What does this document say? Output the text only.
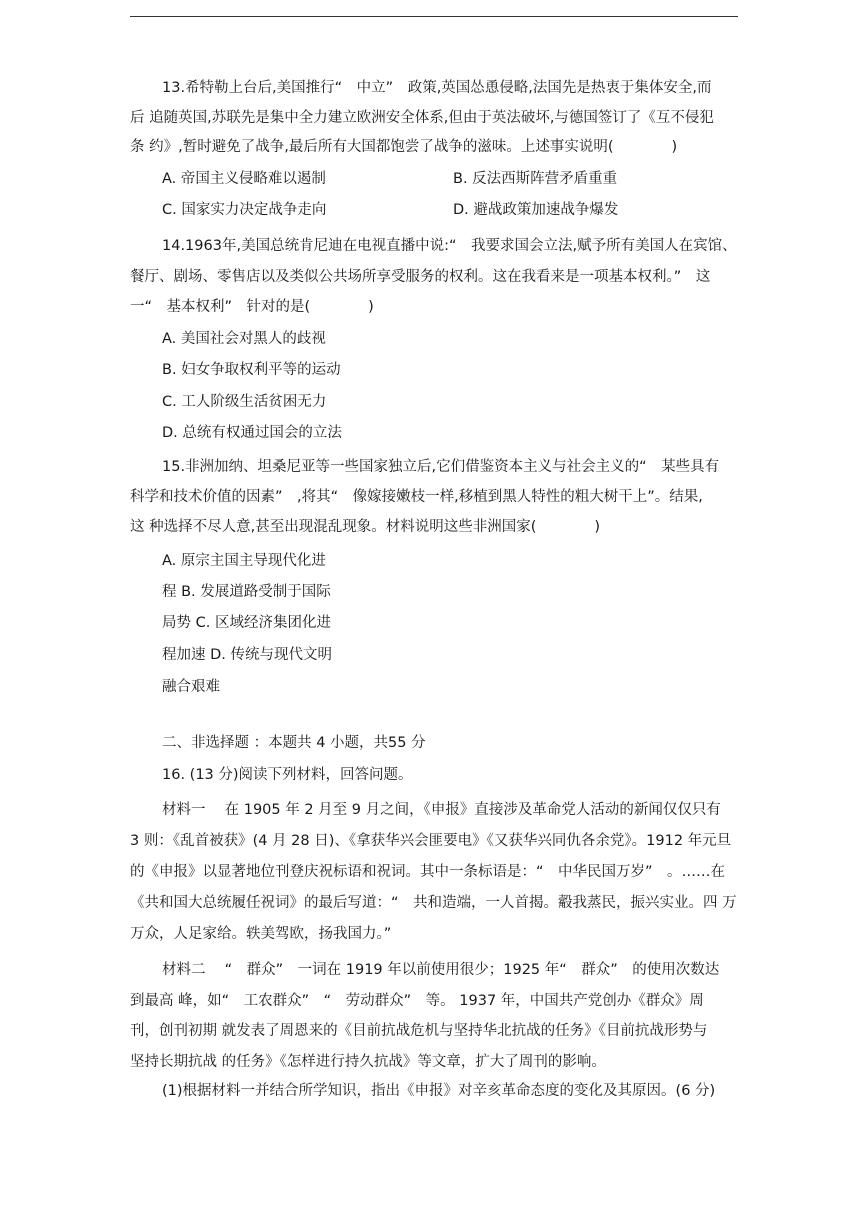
13.希特勒上台后,美国推行“　中立”　政策,英国怂恿侵略,法国先是热衷于集体安全,而
后 追随英国,苏联先是集中全力建立欧洲安全体系,但由于英法破坏,与德国签订了《互不侵犯
条 约》,暂时避免了战争,最后所有大国都饱尝了战争的滋味。上述事实说明(　　　　)
A. 帝国主义侵略难以遏制	B. 反法西斯阵营矛盾重重
C. 国家实力决定战争走向	D. 避战政策加速战争爆发
14.1963年,美国总统肯尼迪在电视直播中说:“　我要求国会立法,赋予所有美国人在宾馆、
餐厅、剧场、零售店以及类似公共场所享受服务的权利。这在我看来是一项基本权利。”　这
一“　基本权利”　针对的是(　　　　)
A. 美国社会对黑人的歧视
B. 妇女争取权利平等的运动
C. 工人阶级生活贫困无力
D. 总统有权通过国会的立法
15.非洲加纳、坦桑尼亚等一些国家独立后,它们借鉴资本主义与社会主义的“　某些具有
科学和技术价值的因素”　,将其“　像嫁接嫩枝一样,移植到黑人特性的粗大树干上”。结果,
这 种选择不尽人意,甚至出现混乱现象。材料说明这些非洲国家(　　　　)
A. 原宗主国主导现代化进
程 B. 发展道路受制于国际
局势 C. 区域经济集团化进
程加速 D. 传统与现代文明
融合艰难
二、非选择题 ：本题共 4 小题，共55 分
16. (13 分)阅读下列材料，回答问题。
材料一　 在 1905 年 2 月至 9 月之间，《申报》直接涉及革命党人活动的新闻仅仅只有
3 则：《乱首被获》(4 月 28 日)、《拿获华兴会匪要电》《又获华兴同仇各余党》。1912 年元旦
的《申报》以显著地位刊登庆祝标语和祝词。其中一条标语是：“　中华民国万岁”　。……在
《共和国大总统履任祝词》的最后写道：“　共和造端，一人首揭。觳我蒸民，振兴实业。四 万
万众，人足家给。轶美驾欧，扬我国力。”
材料二　 “　群众”　一词在 1919 年以前使用很少；1925 年“　群众”　的使用次数达
到最高 峰，如“　工农群众”　“　劳动群众”　等。 1937 年，中国共产党创办《群众》周
刊，创刊初期 就发表了周恩来的《目前抗战危机与坚持华北抗战的任务》《目前抗战形势与
坚持长期抗战 的任务》《怎样进行持久抗战》等文章，扩大了周刊的影响。
(1)根据材料一并结合所学知识，指出《申报》对辛亥革命态度的变化及其原因。(6 分)
